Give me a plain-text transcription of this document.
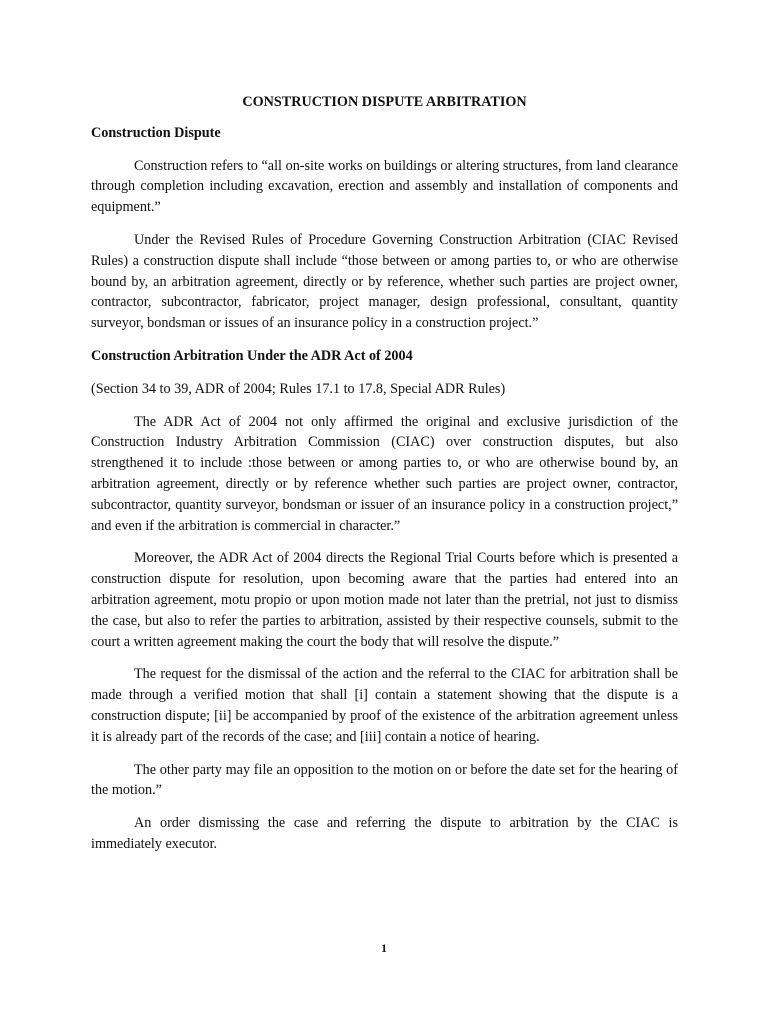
CONSTRUCTION DISPUTE ARBITRATION
Construction Dispute

Construction refers to “all on-site works on buildings or altering structures, from land clearance through completion including excavation, erection and assembly and installation of components and equipment.”

Under the Revised Rules of Procedure Governing Construction Arbitration (CIAC Revised Rules) a construction dispute shall include “those between or among parties to, or who are otherwise bound by, an arbitration agreement, directly or by reference, whether such parties are project owner, contractor, subcontractor, fabricator, project manager, design professional, consultant, quantity surveyor, bondsman or issues of an insurance policy in a construction project.”

Construction Arbitration Under the ADR Act of 2004

(Section 34 to 39, ADR of 2004; Rules 17.1 to 17.8, Special ADR Rules)

The ADR Act of 2004 not only affirmed the original and exclusive jurisdiction of the Construction Industry Arbitration Commission (CIAC) over construction disputes, but also strengthened it to include :those between or among parties to, or who are otherwise bound by, an arbitration agreement, directly or by reference whether such parties are project owner, contractor, subcontractor, quantity surveyor, bondsman or issuer of an insurance policy in a construction project,” and even if the arbitration is commercial in character.”

Moreover, the ADR Act of 2004 directs the Regional Trial Courts before which is presented a construction dispute for resolution, upon becoming aware that the parties had entered into an arbitration agreement, motu propio or upon motion made not later than the pretrial, not just to dismiss the case, but also to refer the parties to arbitration, assisted by their respective counsels, submit to the court a written agreement making the court the body that will resolve the dispute.”

The request for the dismissal of the action and the referral to the CIAC for arbitration shall be made through a verified motion that shall [i] contain a statement showing that the dispute is a construction dispute; [ii] be accompanied by proof of the existence of the arbitration agreement unless it is already part of the records of the case; and [iii] contain a notice of hearing.

The other party may file an opposition to the motion on or before the date set for the hearing of the motion.”

An order dismissing the case and referring the dispute to arbitration by the CIAC is immediately executor.

1
